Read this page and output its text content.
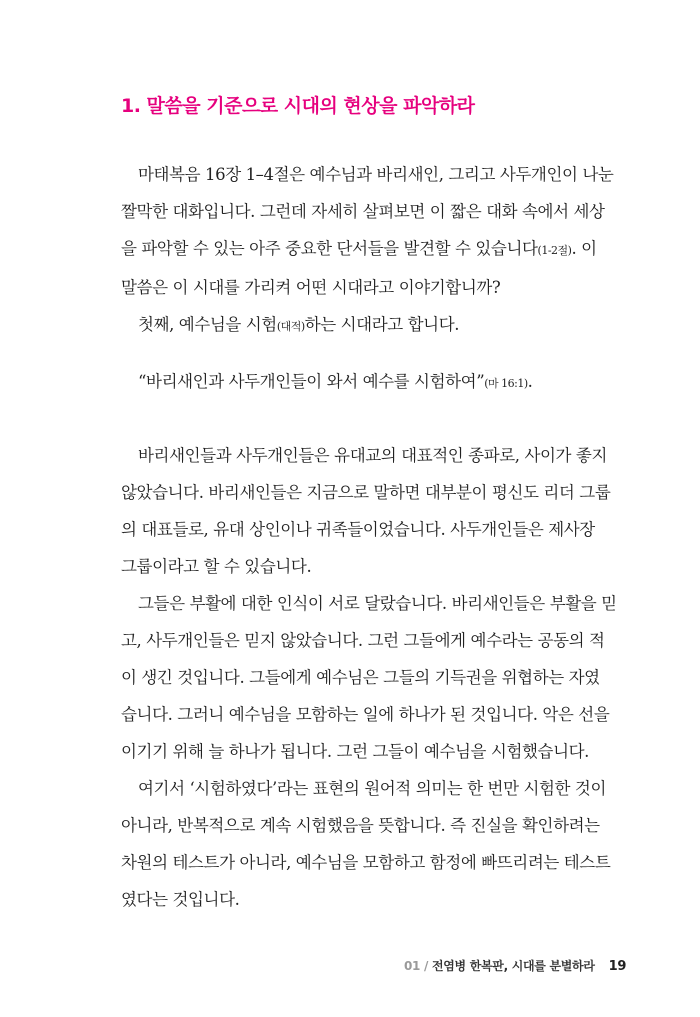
1. 말씀을 기준으로 시대의 현상을 파악하라
마태복음 16장 1–4절은 예수님과 바리새인, 그리고 사두개인이 나눈
짤막한 대화입니다. 그런데 자세히 살펴보면 이 짧은 대화 속에서 세상
을 파악할 수 있는 아주 중요한 단서들을 발견할 수 있습니다(1-2절). 이
말씀은 이 시대를 가리켜 어떤 시대라고 이야기합니까?
첫째, 예수님을 시험(대적)하는 시대라고 합니다.

“바리새인과 사두개인들이 와서 예수를 시험하여”(마 16:1).

바리새인들과 사두개인들은 유대교의 대표적인 종파로, 사이가 좋지
않았습니다. 바리새인들은 지금으로 말하면 대부분이 평신도 리더 그룹
의 대표들로, 유대 상인이나 귀족들이었습니다. 사두개인들은 제사장
그룹이라고 할 수 있습니다.
그들은 부활에 대한 인식이 서로 달랐습니다. 바리새인들은 부활을 믿
고, 사두개인들은 믿지 않았습니다. 그런 그들에게 예수라는 공동의 적
이 생긴 것입니다. 그들에게 예수님은 그들의 기득권을 위협하는 자였
습니다. 그러니 예수님을 모함하는 일에 하나가 된 것입니다. 악은 선을
이기기 위해 늘 하나가 됩니다. 그런 그들이 예수님을 시험했습니다.
여기서 ‘시험하였다’라는 표현의 원어적 의미는 한 번만 시험한 것이
아니라, 반복적으로 계속 시험했음을 뜻합니다. 즉 진실을 확인하려는
차원의 테스트가 아니라, 예수님을 모함하고 함정에 빠뜨리려는 테스트
였다는 것입니다.

01 / 전염병 한복판, 시대를 분별하라 19
